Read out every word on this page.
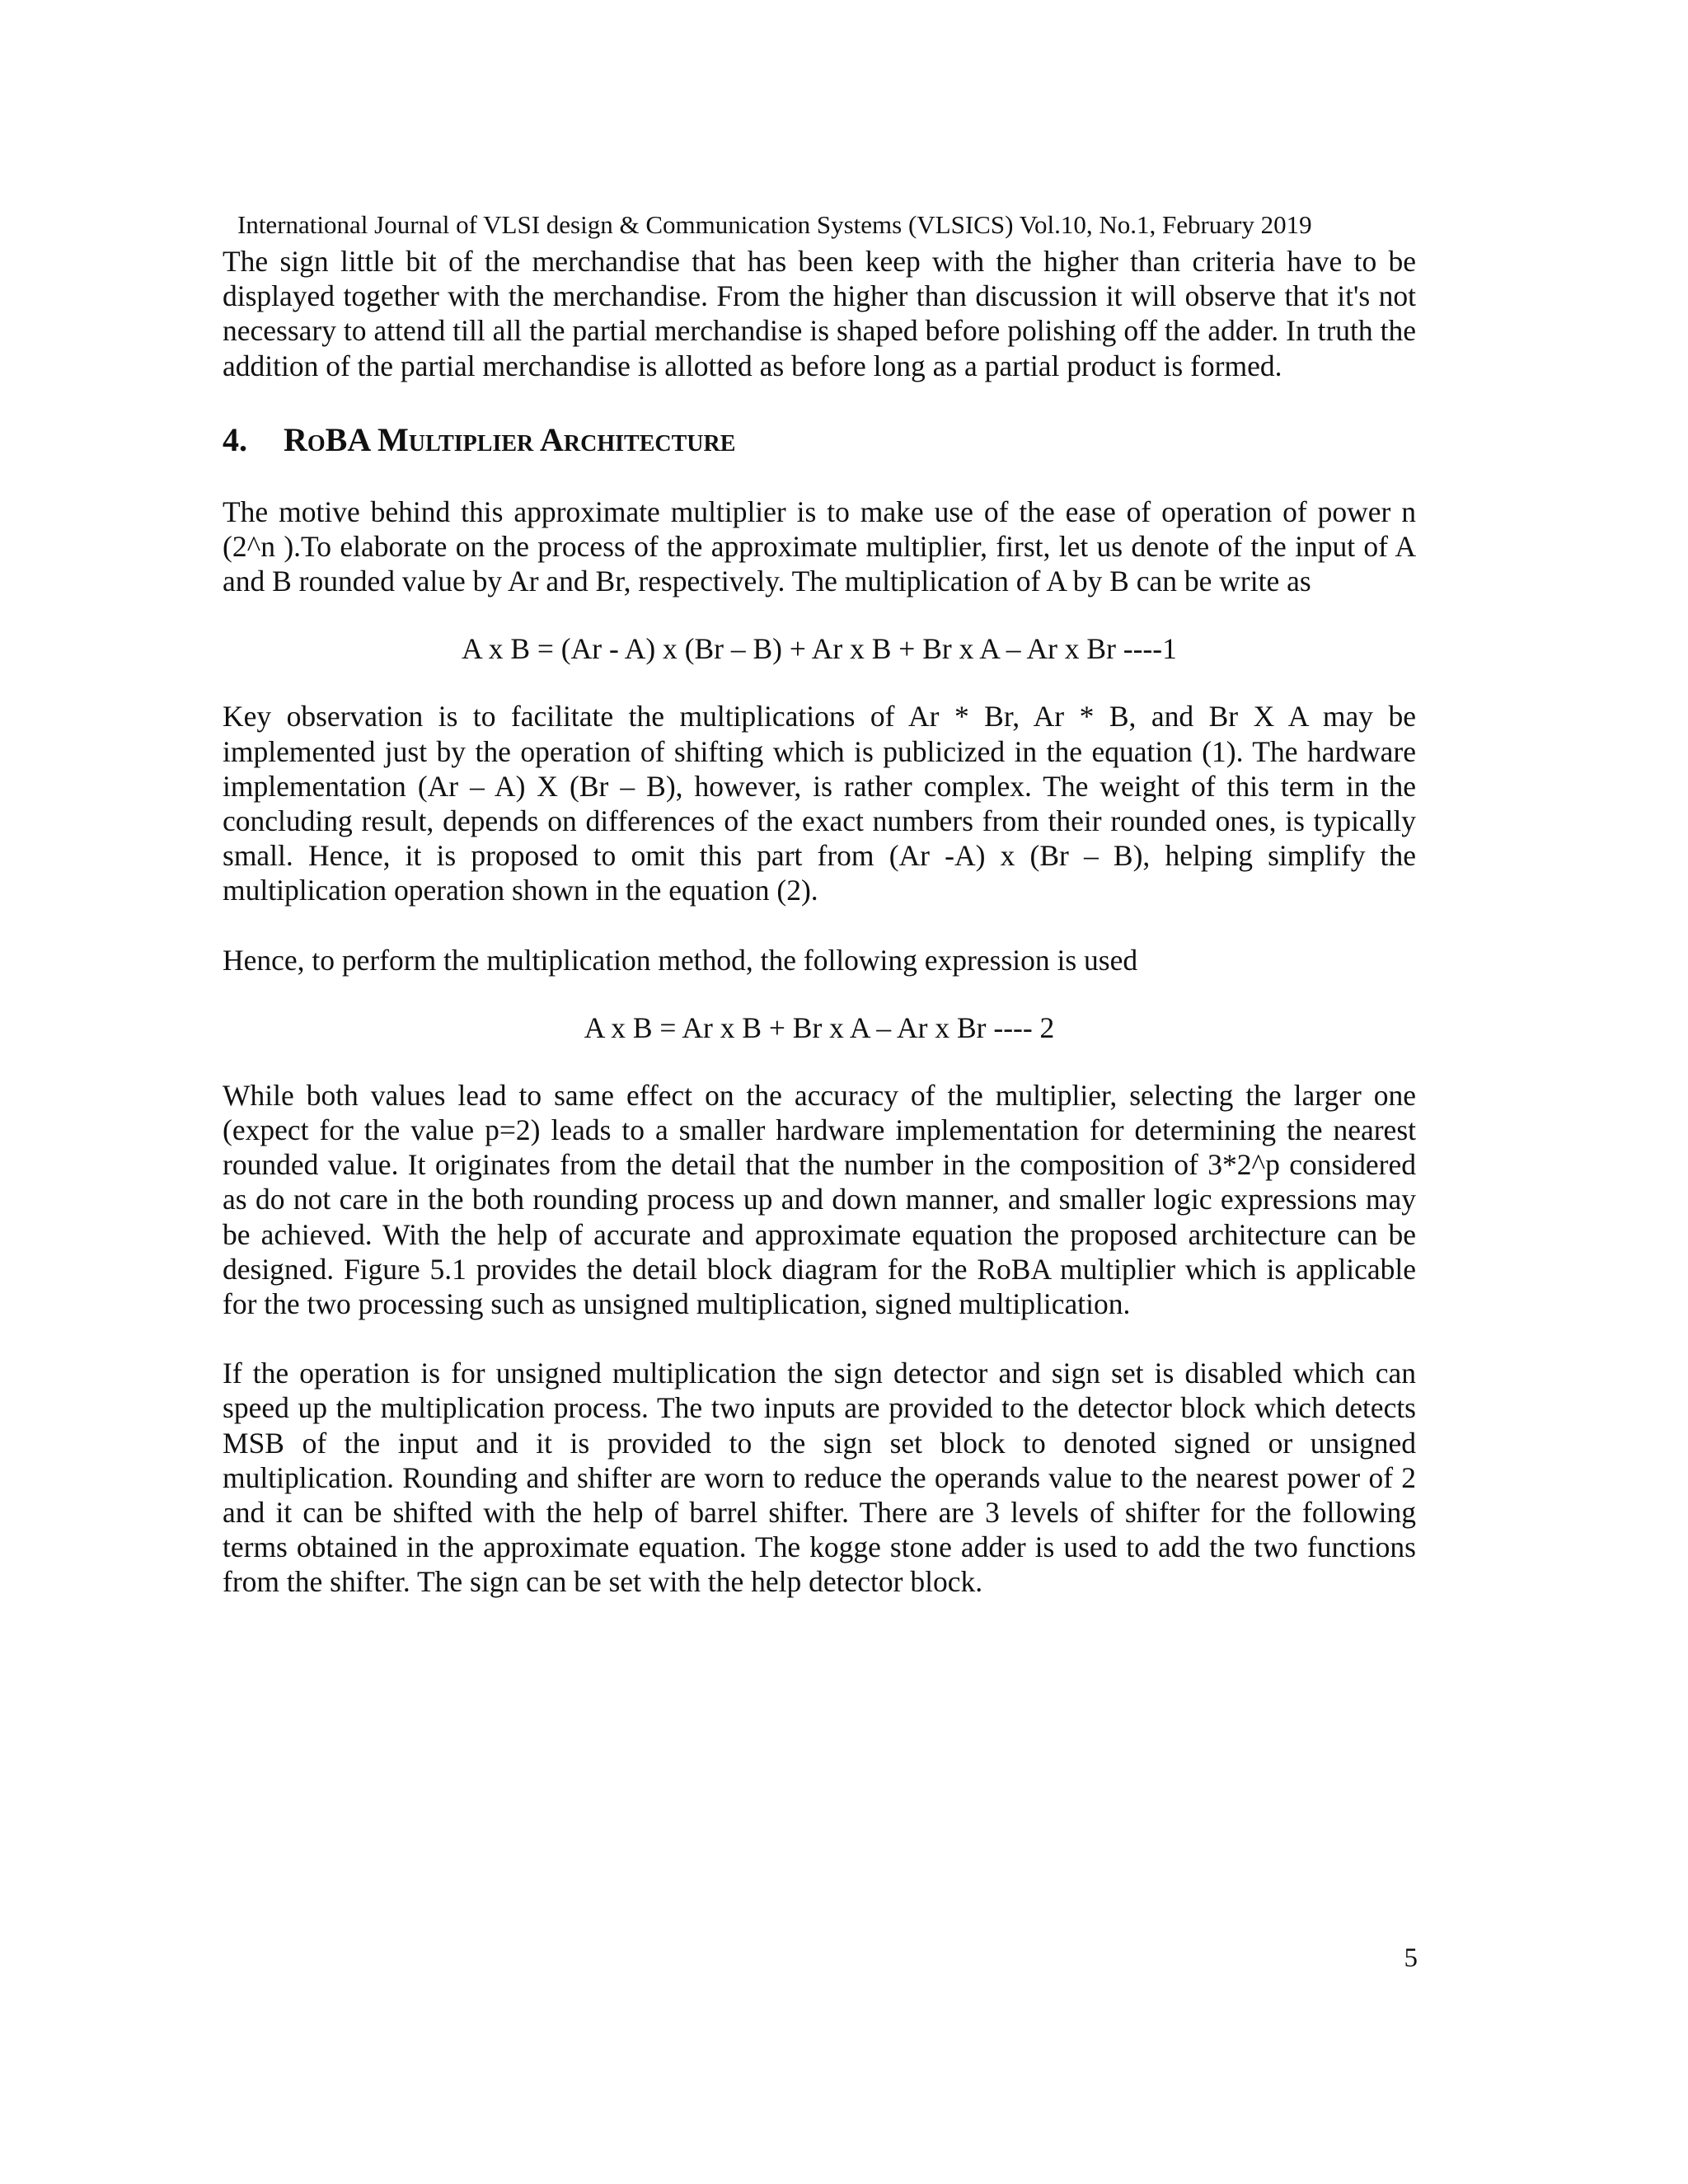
International Journal of VLSI design & Communication Systems (VLSICS) Vol.10, No.1, February 2019

The sign little bit of the merchandise that has been keep with the higher than criteria have to be displayed together with the merchandise. From the higher than discussion it will observe that it's not necessary to attend till all the partial merchandise is shaped before polishing off the adder. In truth the addition of the partial merchandise is allotted as before long as a partial product is formed.

4.	RoBA Multiplier Architecture

The motive behind this approximate multiplier is to make use of the ease of operation of power n (2^n ).To elaborate on the process of the approximate multiplier, first, let us denote of the input of A and B rounded value by Ar and Br, respectively. The multiplication of A by B can be write as

A x B = (Ar - A) x (Br – B) + Ar x B + Br x A – Ar x Br ----1

Key observation is to facilitate the multiplications of Ar * Br, Ar * B, and Br X A may be implemented just by the operation of shifting which is publicized in the equation (1). The hardware implementation (Ar – A) X (Br – B), however, is rather complex. The weight of this term in the concluding result, depends on differences of the exact numbers from their rounded ones, is typically small. Hence, it is proposed to omit this part from (Ar -A) x (Br – B), helping simplify the multiplication operation shown in the equation (2).

Hence, to perform the multiplication method, the following expression is used

A x B = Ar x B + Br x A – Ar x Br ---- 2

While both values lead to same effect on the accuracy of the multiplier, selecting the larger one (expect for the value p=2) leads to a smaller hardware implementation for determining the nearest rounded value. It originates from the detail that the number in the composition of 3*2^p considered as do not care in the both rounding process up and down manner, and smaller logic expressions may be achieved. With the help of accurate and approximate equation the proposed architecture can be designed. Figure 5.1 provides the detail block diagram for the RoBA multiplier which is applicable for the two processing such as unsigned multiplication, signed multiplication.

If the operation is for unsigned multiplication the sign detector and sign set is disabled which can speed up the multiplication process. The two inputs are provided to the detector block which detects MSB of the input and it is provided to the sign set block to denoted signed or unsigned multiplication. Rounding and shifter are worn to reduce the operands value to the nearest power of 2 and it can be shifted with the help of barrel shifter. There are 3 levels of shifter for the following terms obtained in the approximate equation. The kogge stone adder is used to add the two functions from the shifter. The sign can be set with the help detector block.

5
